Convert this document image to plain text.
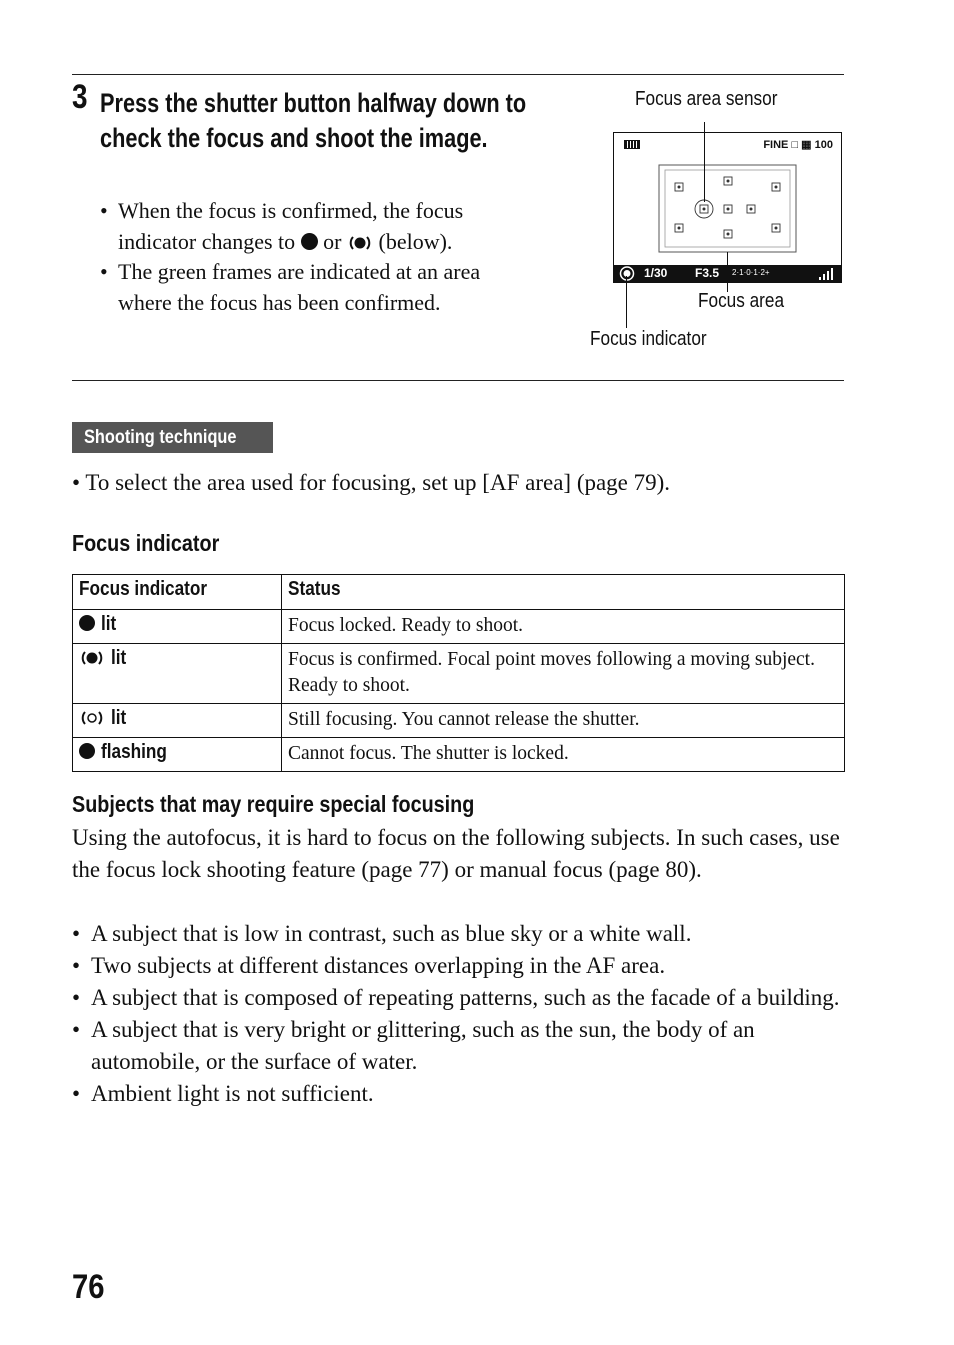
3 Press the shutter button halfway down to check the focus and shoot the image.
• When the focus is confirmed, the focus indicator changes to or (below).
• The green frames are indicated at an area where the focus has been confirmed.
Focus area sensor
FINE □ ▦ 100
1/30 F3.5 2·1·0·1·2+
Focus area
Focus indicator
Shooting technique
• To select the area used for focusing, set up [AF area] (page 79).
Focus indicator
Focus indicator	Status
lit	Focus locked. Ready to shoot.
lit	Focus is confirmed. Focal point moves following a moving subject. Ready to shoot.
lit	Still focusing. You cannot release the shutter.
flashing	Cannot focus. The shutter is locked.
Subjects that may require special focusing

Using the autofocus, it is hard to focus on the following subjects. In such cases, use the focus lock shooting feature (page 77) or manual focus (page 80).

• A subject that is low in contrast, such as blue sky or a white wall.
• Two subjects at different distances overlapping in the AF area.
• A subject that is composed of repeating patterns, such as the facade of a building.
• A subject that is very bright or glittering, such as the sun, the body of an automobile, or the surface of water.
• Ambient light is not sufficient.
76
